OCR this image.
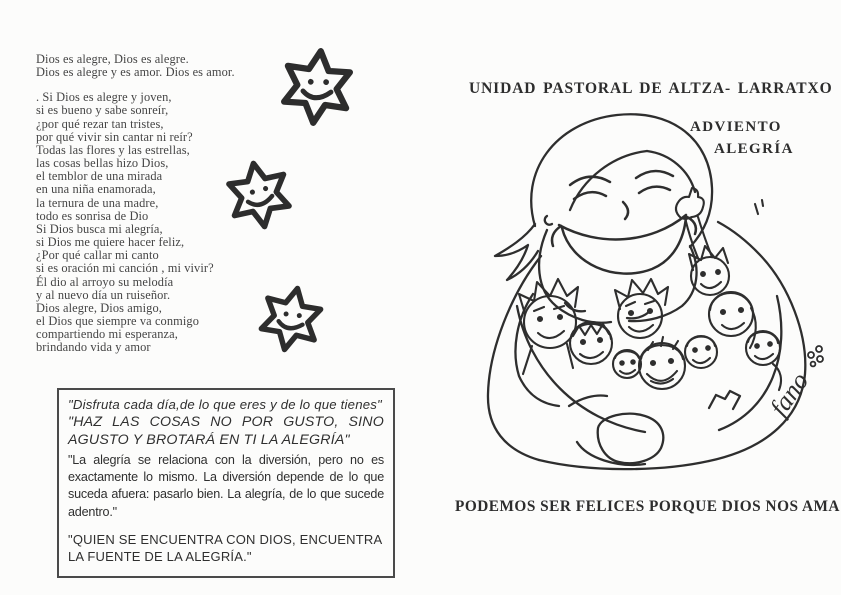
Dios es alegre, Dios es alegre.
Dios es alegre y es amor. Dios es amor.
. Si Dios es alegre y joven,
si es bueno y sabe sonreír,
¿por qué rezar tan tristes,
por qué vivir sin cantar ni reír?
Todas las flores y las estrellas,
las cosas bellas hizo Dios,
el temblor de una mirada
en una niña enamorada,
la ternura de una madre,
todo es sonrisa de Dio
Si Dios busca mi alegría,
si Dios me quiere hacer feliz,
¿Por qué callar mi canto
si es oración mi canción , mi vivir?
Él dio al arroyo su melodía
y al nuevo día un ruiseñor.
Dios alegre, Dios amigo,
el Dios que siempre va conmigo
compartiendo mi esperanza,
brindando vida y amor

"Disfruta cada día,de lo que eres y de lo que tienes"

"HAZ LAS COSAS NO POR GUSTO, SINO AGUSTO Y BROTARÁ EN TI LA ALEGRÍA"

"La alegría se relaciona con la diversión, pero no es exactamente lo mismo. La diversión depende de lo que suceda afuera: pasarlo bien. La alegría, de lo que sucede adentro."

"QUIEN SE ENCUENTRA CON DIOS, ENCUENTRA LA FUENTE DE LA ALEGRÍA."

UNIDAD PASTORAL DE ALTZA- LARRATXO
ADVIENTO
ALEGRÍA
fano
PODEMOS SER FELICES PORQUE DIOS NOS AMA
